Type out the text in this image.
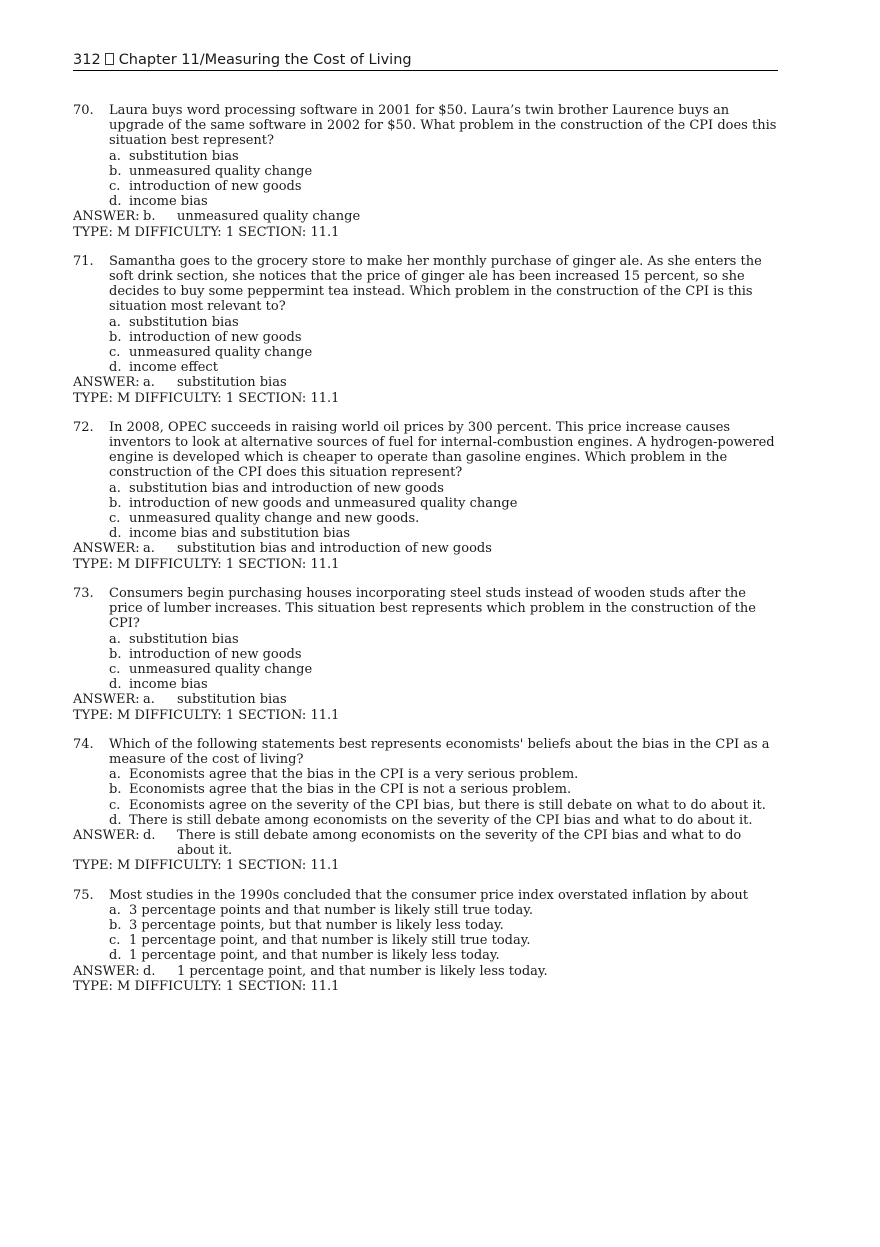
312 Chapter 11/Measuring the Cost of Living
70.	Laura buys word processing software in 2001 for $50. Laura’s twin brother Laurence buys an upgrade of the same software in 2002 for $50. What problem in the construction of the CPI does this situation best represent?
a. substitution bias
b. unmeasured quality change
c. introduction of new goods
d. income bias
ANSWER: b.	unmeasured quality change
TYPE: M DIFFICULTY: 1 SECTION: 11.1
71.	Samantha goes to the grocery store to make her monthly purchase of ginger ale. As she enters the soft drink section, she notices that the price of ginger ale has been increased 15 percent, so she decides to buy some peppermint tea instead. Which problem in the construction of the CPI is this situation most relevant to?
a. substitution bias
b. introduction of new goods
c. unmeasured quality change
d. income effect
ANSWER: a.	substitution bias
TYPE: M DIFFICULTY: 1 SECTION: 11.1
72.	In 2008, OPEC succeeds in raising world oil prices by 300 percent. This price increase causes inventors to look at alternative sources of fuel for internal-combustion engines. A hydrogen-powered engine is developed which is cheaper to operate than gasoline engines. Which problem in the construction of the CPI does this situation represent?
a. substitution bias and introduction of new goods
b. introduction of new goods and unmeasured quality change
c. unmeasured quality change and new goods.
d. income bias and substitution bias
ANSWER: a.	substitution bias and introduction of new goods
TYPE: M DIFFICULTY: 1 SECTION: 11.1
73.	Consumers begin purchasing houses incorporating steel studs instead of wooden studs after the price of lumber increases. This situation best represents which problem in the construction of the CPI?
a. substitution bias
b. introduction of new goods
c. unmeasured quality change
d. income bias
ANSWER: a.	substitution bias
TYPE: M DIFFICULTY: 1 SECTION: 11.1
74.	Which of the following statements best represents economists' beliefs about the bias in the CPI as a measure of the cost of living?
a. Economists agree that the bias in the CPI is a very serious problem.
b. Economists agree that the bias in the CPI is not a serious problem.
c. Economists agree on the severity of the CPI bias, but there is still debate on what to do about it.
d. There is still debate among economists on the severity of the CPI bias and what to do about it.
ANSWER: d.	There is still debate among economists on the severity of the CPI bias and what to do about it.
TYPE: M DIFFICULTY: 1 SECTION: 11.1
75.	Most studies in the 1990s concluded that the consumer price index overstated inflation by about
a. 3 percentage points and that number is likely still true today.
b. 3 percentage points, but that number is likely less today.
c. 1 percentage point, and that number is likely still true today.
d. 1 percentage point, and that number is likely less today.
ANSWER: d.	1 percentage point, and that number is likely less today.
TYPE: M DIFFICULTY: 1 SECTION: 11.1
